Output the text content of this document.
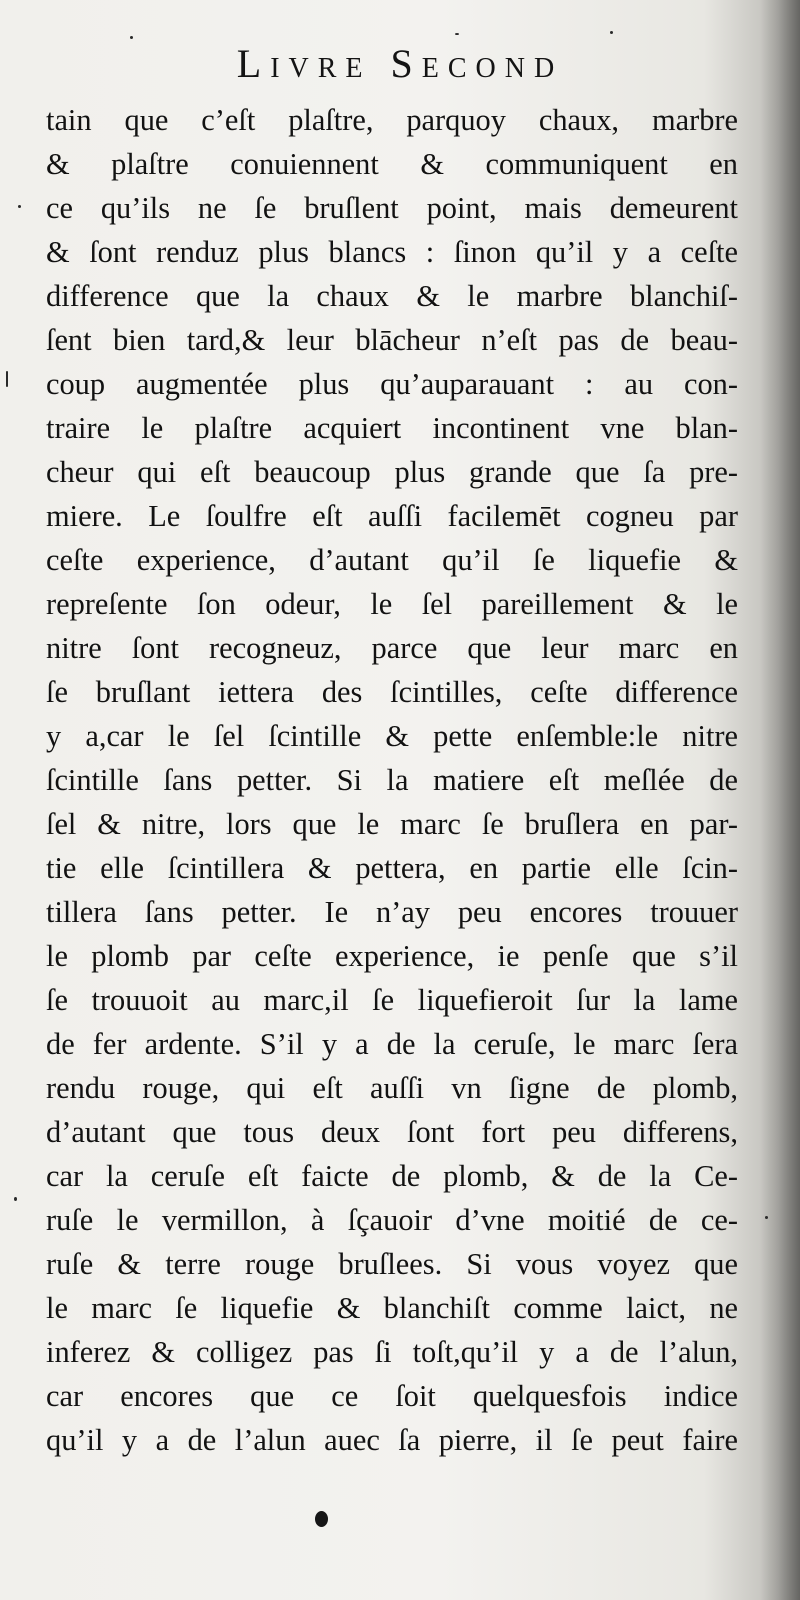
Livre Second
tain que c’eſt plaſtre, parquoy chaux, marbre
& plaſtre conuiennent & communiquent en
ce qu’ils ne ſe bruſlent point, mais demeurent
& ſont renduz plus blancs : ſinon qu’il y a ceſte
difference que la chaux & le marbre blanchiſ-
ſent bien tard,& leur blācheur n’eſt pas de beau-
coup augmentée plus qu’auparauant : au con-
traire le plaſtre acquiert incontinent vne blan-
cheur qui eſt beaucoup plus grande que ſa pre-
miere. Le ſoulfre eſt auſſi facilemēt cogneu par
ceſte experience, d’autant qu’il ſe liquefie &
repreſente ſon odeur, le ſel pareillement & le
nitre ſont recogneuz, parce que leur marc en
ſe bruſlant iettera des ſcintilles, ceſte difference
y a,car le ſel ſcintille & pette enſemble:le nitre
ſcintille ſans petter. Si la matiere eſt meſlée de
ſel & nitre, lors que le marc ſe bruſlera en par-
tie elle ſcintillera & pettera, en partie elle ſcin-
tillera ſans petter. Ie n’ay peu encores trouuer
le plomb par ceſte experience, ie penſe que s’il
ſe trouuoit au marc,il ſe liquefieroit ſur la lame
de fer ardente. S’il y a de la ceruſe, le marc ſera
rendu rouge, qui eſt auſſi vn ſigne de plomb,
d’autant que tous deux ſont fort peu differens,
car la ceruſe eſt faicte de plomb, & de la Ce-
ruſe le vermillon, à ſçauoir d’vne moitié de ce-
ruſe & terre rouge bruſlees. Si vous voyez que
le marc ſe liquefie & blanchiſt comme laict, ne
inferez & colligez pas ſi toſt,qu’il y a de l’alun,
car encores que ce ſoit quelquesfois indice
qu’il y a de l’alun auec ſa pierre, il ſe peut faire
